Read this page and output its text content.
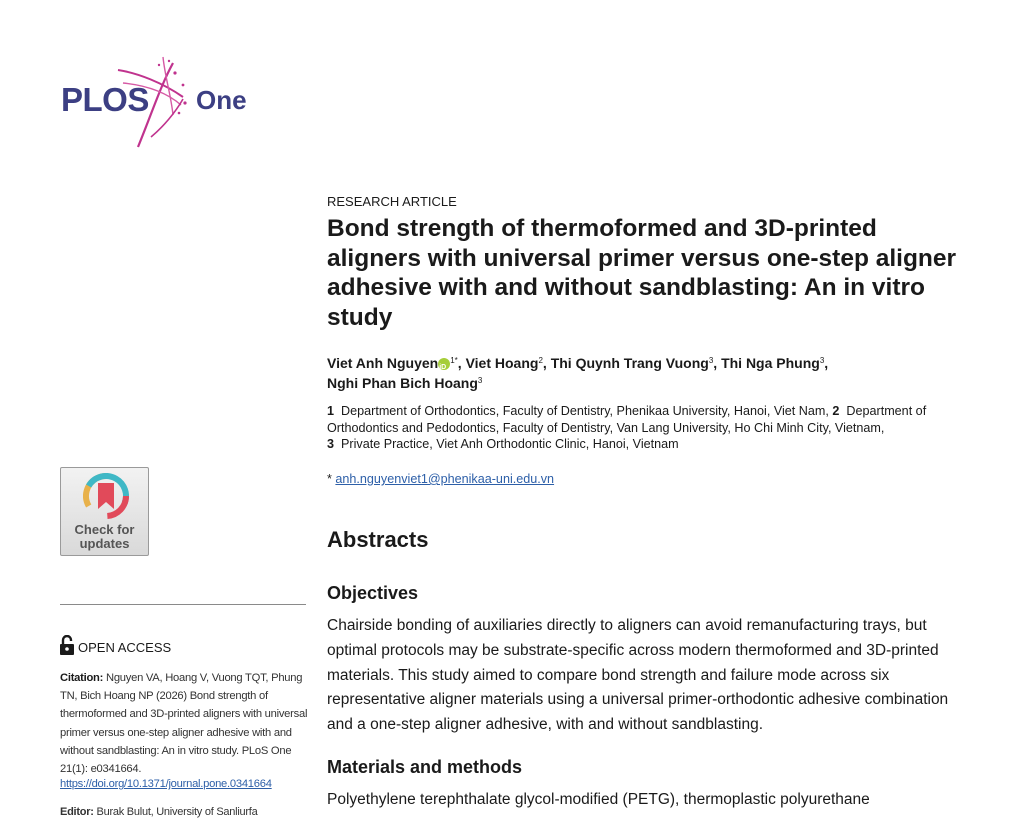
PLOS One
Check for
updates
OPEN ACCESS
Citation: Nguyen VA, Hoang V, Vuong TQT, Phung TN, Bich Hoang NP (2026) Bond strength of thermoformed and 3D-printed aligners with universal primer versus one-step aligner adhesive with and without sandblasting: An in vitro study. PLoS One 21(1): e0341664.
https://doi.org/10.1371/journal.pone.0341664
Editor: Burak Bulut, University of Sanliurfa
RESEARCH ARTICLE
Bond strength of thermoformed and 3D-printed aligners with universal primer versus one-step aligner adhesive with and without sandblasting: An in vitro study
Viet Anh NguyeniD $^{1*}$, Viet Hoang$^2$, Thi Quynh Trang Vuong$^3$, Thi Nga Phung$^3$,
Nghi Phan Bich Hoang$^3$
1 Department of Orthodontics, Faculty of Dentistry, Phenikaa University, Hanoi, Viet Nam, 2 Department of Orthodontics and Pedodontics, Faculty of Dentistry, Van Lang University, Ho Chi Minh City, Vietnam,
3 Private Practice, Viet Anh Orthodontic Clinic, Hanoi, Vietnam
* anh.nguyenviet1@phenikaa-uni.edu.vn
Abstracts
Objectives

Chairside bonding of auxiliaries directly to aligners can avoid remanufacturing trays, but optimal protocols may be substrate-specific across modern thermoformed and 3D-printed materials. This study aimed to compare bond strength and failure mode across six representative aligner materials using a universal primer-orthodontic adhesive combination and a one-step aligner adhesive, with and without sandblasting.

Materials and methods

Polyethylene terephthalate glycol-modified (PETG), thermoplastic polyurethane
